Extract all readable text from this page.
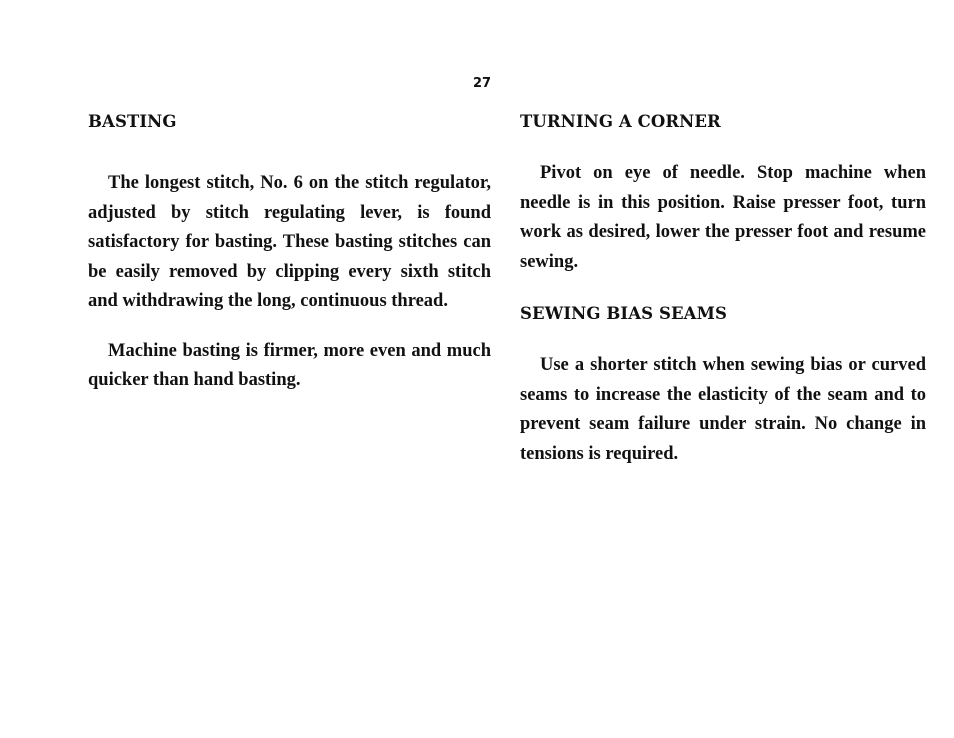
27
BASTING

The longest stitch, No. 6 on the stitch regulator, adjusted by stitch regulating lever, is found satisfactory for basting. These basting stitches can be easily removed by clipping every sixth stitch and withdrawing the long, continuous thread.

Machine basting is firmer, more even and much quicker than hand basting.

TURNING A CORNER

Pivot on eye of needle. Stop machine when needle is in this position. Raise presser foot, turn work as desired, lower the presser foot and resume sewing.

SEWING BIAS SEAMS

Use a shorter stitch when sewing bias or curved seams to increase the elasticity of the seam and to prevent seam failure under strain. No change in tensions is required.
